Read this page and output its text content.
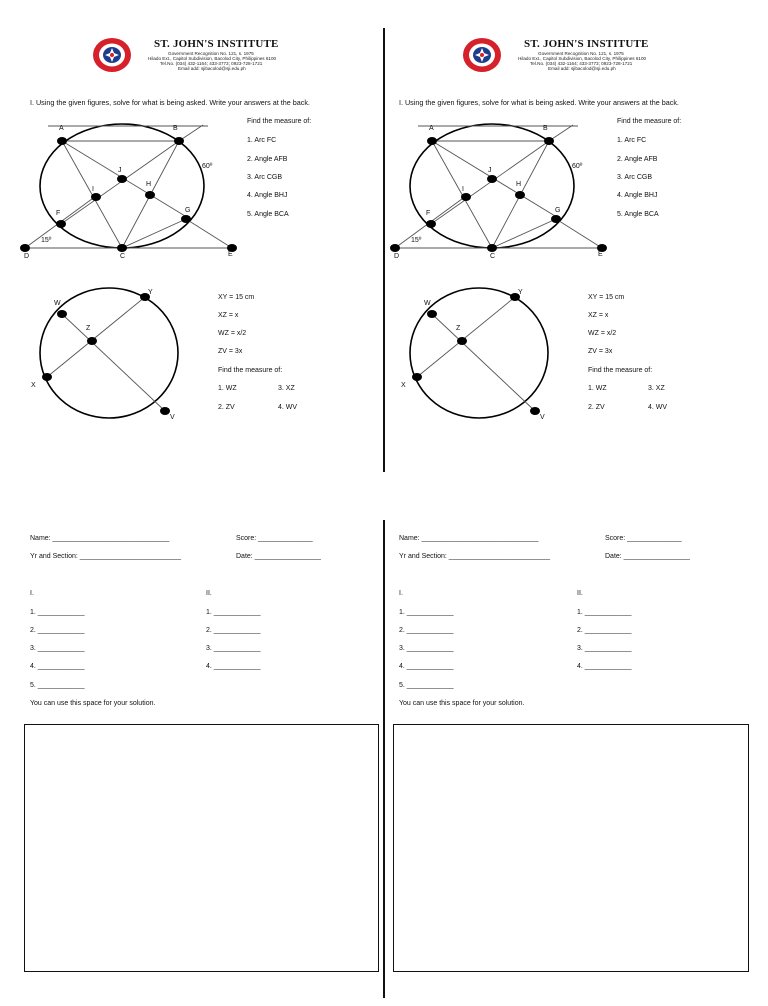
ST. JOHN'S INSTITUTE
Government Recognition No. 121, s. 1975
Hilado Ext., Capitol Subdivision, Bacolod City, Philippines 6100
Tel.No. (034) 432-1164; 433-3773; 0923-728-1721
Email add: sjibacolod@sji.edu.ph
I. Using the given figures, solve for what is being asked. Write your answers at the back.
A	B
J
H
I
F	G
D	C	E
60º
15º
Find the measure of:
1. Arc FC
2. Angle AFB
3. Arc CGB
4. Angle BHJ
5. Angle BCA
W
Y
Z
X
V
XY = 15 cm
XZ = x
WZ = x/2
ZV = 3x
Find the measure of:
1. WZ	3. XZ
2. ZV	4. WV
Name: ______________________________	Score: ______________
Yr and Section: __________________________	Date: _________________
I.	II.
1. ____________
2. ____________
3. ____________
4. ____________
5. ____________
1. ____________
2. ____________
3. ____________
4. ____________
You can use this space for your solution.
ST. JOHN'S INSTITUTE
Government Recognition No. 121, s. 1975
Hilado Ext., Capitol Subdivision, Bacolod City, Philippines 6100
Tel.No. (034) 432-1164; 433-3773; 0923-728-1721
Email add: sjibacolod@sji.edu.ph
I. Using the given figures, solve for what is being asked. Write your answers at the back.
A	B
J
H
I
F	G
D	C	E
60º
15º
Find the measure of:
1. Arc FC
2. Angle AFB
3. Arc CGB
4. Angle BHJ
5. Angle BCA
W
Y
Z
X
V
XY = 15 cm
XZ = x
WZ = x/2
ZV = 3x
Find the measure of:
1. WZ	3. XZ
2. ZV	4. WV
Name: ______________________________	Score: ______________
Yr and Section: __________________________	Date: _________________
I.	II.
1. ____________
2. ____________
3. ____________
4. ____________
5. ____________
1. ____________
2. ____________
3. ____________
4. ____________
You can use this space for your solution.
